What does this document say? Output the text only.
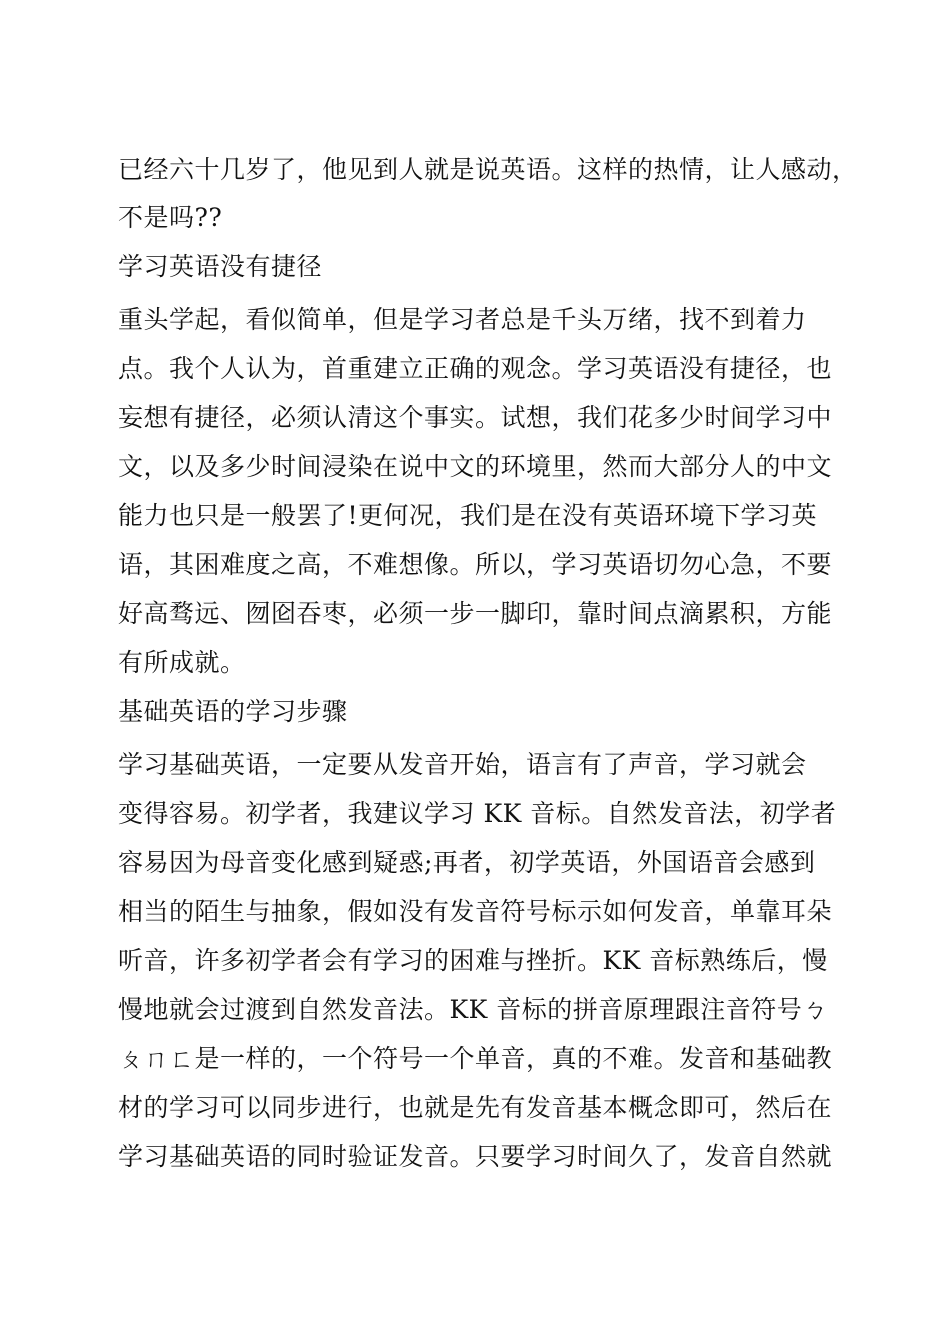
已经六十几岁了，他见到人就是说英语。这样的热情，让人感动，
不是吗??
学习英语没有捷径
重头学起，看似简单，但是学习者总是千头万绪，找不到着力
点。我个人认为，首重建立正确的观念。学习英语没有捷径，也
妄想有捷径，必须认清这个事实。试想，我们花多少时间学习中
文，以及多少时间浸染在说中文的环境里，然而大部分人的中文
能力也只是一般罢了!更何况，我们是在没有英语环境下学习英
语，其困难度之高，不难想像。所以，学习英语切勿心急，不要
好高骛远、囫囵吞枣，必须一步一脚印，靠时间点滴累积，方能
有所成就。
基础英语的学习步骤
学习基础英语，一定要从发音开始，语言有了声音，学习就会
变得容易。初学者，我建议学习 KK 音标。自然发音法，初学者
容易因为母音变化感到疑惑;再者，初学英语，外国语音会感到
相当的陌生与抽象，假如没有发音符号标示如何发音，单靠耳朵
听音，许多初学者会有学习的困难与挫折。KK 音标熟练后，慢
慢地就会过渡到自然发音法。KK 音标的拼音原理跟注音符号ㄅ
ㄆㄇㄈ是一样的，一个符号一个单音，真的不难。发音和基础教
材的学习可以同步进行，也就是先有发音基本概念即可，然后在
学习基础英语的同时验证发音。只要学习时间久了，发音自然就
